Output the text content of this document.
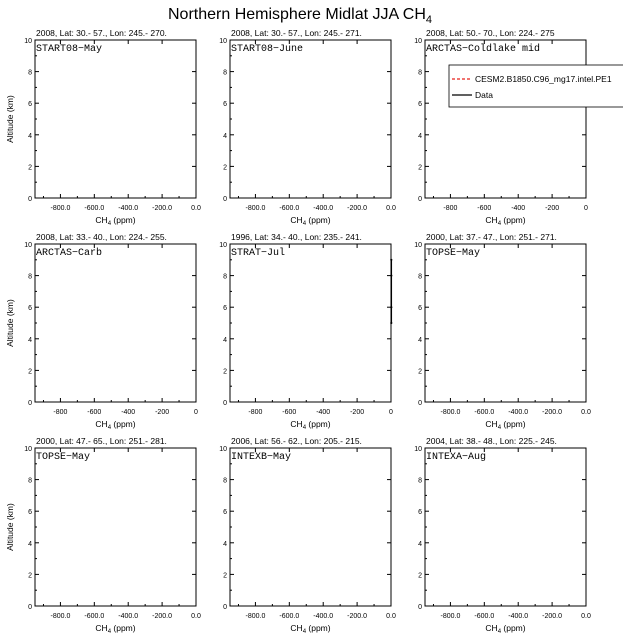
Northern Hemisphere Midlat JJA $CH_4$
2008, Lat: 30.- 57., Lon: 245.- 270.
0
2
4
6
8
10
-800.0 -600.0 -400.0 -200.0	0.0
$CH_4$ (ppm)
Altitude (km)
START08−May
2008, Lat: 30.- 57., Lon: 245.- 271.
0
2
4
6
8
10
-800.0 -600.0 -400.0 -200.0	0.0
$CH_4$ (ppm)
START08−June
2008, Lat: 50.- 70., Lon: 224.- 275
0
2
4
6
8
10
-800	-600	-400	-200	0
$CH_4$ (ppm)
ARCTAS−Coldlake mid
CESM2.B1850.C96_mg17.intel.PE1
Data
2008, Lat: 33.- 40., Lon: 224.- 255.
0
2
4
6
8
10
-800	-600	-400	-200	0
$CH_4$ (ppm)
Altitude (km)
ARCTAS−Carb
1996, Lat: 34.- 40., Lon: 235.- 241.
0
2
4
6
8
10
-800	-600	-400	-200	0
$CH_4$ (ppm)
STRAT−Jul
2000, Lat: 37.- 47., Lon: 251.- 271.
0
2
4
6
8
10
-800.0 -600.0 -400.0 -200.0	0.0
$CH_4$ (ppm)
TOPSE−May
2000, Lat: 47.- 65., Lon: 251.- 281.
0
2
4
6
8
10
-800.0 -600.0 -400.0 -200.0	0.0
$CH_4$ (ppm)
Altitude (km)
TOPSE−May
2006, Lat: 56.- 62., Lon: 205.- 215.
0
2
4
6
8
10
-800.0 -600.0 -400.0 -200.0	0.0
$CH_4$ (ppm)
INTEXB−May
2004, Lat: 38.- 48., Lon: 225.- 245.
0
2
4
6
8
10
-800.0 -600.0 -400.0 -200.0	0.0
$CH_4$ (ppm)
INTEXA−Aug
